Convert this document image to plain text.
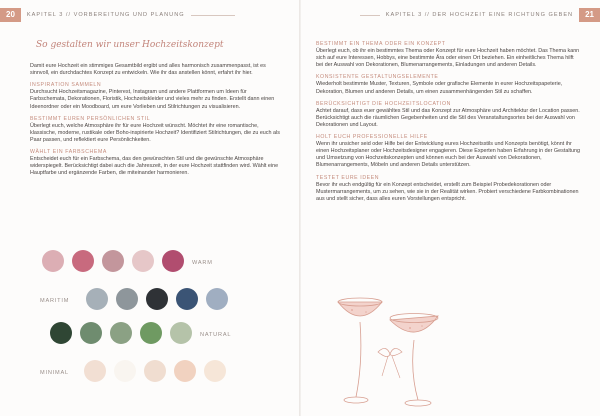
20	KAPITEL 3 // VORBEREITUNG UND PLANUNG
So gestalten wir unser Hochzeitskonzept

Damit eure Hochzeit ein stimmiges Gesamtbild ergibt und alles harmonisch zusammenpasst, ist es sinnvoll, ein durchdachtes Konzept zu entwickeln. Wie ihr das anstellen könnt, erfahrt ihr hier.

INSPIRATION SAMMELN

Durchsucht Hochzeitsmagazine, Pinterest, Instagram und andere Plattformen um Ideen für Farbschemata, Dekorationen, Floristik, Hochzeitskleider und vieles mehr zu finden. Erstellt dann einen Ideenordner oder ein Moodboard, um eure Vorlieben und Stilrichtungen zu visualisieren.

BESTIMMT EUREN PERSÖNLICHEN STIL

Überlegt euch, welche Atmosphäre ihr für eure Hochzeit wünscht. Möchtet ihr eine romantische, klassische, moderne, rustikale oder Boho-inspirierte Hochzeit? Identifiziert Stilrichtungen, die zu euch als Paar passen, und reflektiert eure Persönlichkeiten.

WÄHLT EIN FARBSCHEMA

Entscheidet euch für ein Farbschema, das den gewünschten Stil und die gewünschte Atmosphäre widerspiegelt. Berücksichtigt dabei auch die Jahreszeit, in der eure Hochzeit stattfinden wird. Wählt eine Hauptfarbe und ergänzende Farben, die miteinander harmonieren.

WARM
MARITIM
NATURAL
MINIMAL
KAPITEL 3 // DER HOCHZEIT EINE RICHTUNG GEBEN	21
BESTIMMT EIN THEMA ODER EIN KONZEPT

Überlegt euch, ob ihr ein bestimmtes Thema oder Konzept für eure Hochzeit haben möchtet. Das Thema kann sich auf eure Interessen, Hobbys, eine bestimmte Ära oder einen Ort beziehen. Ein einheitliches Thema hilft bei der Auswahl von Dekorationen, Blumenarrangements, Einladungen und anderen Details.

KONSISTENTE GESTALTUNGSELEMENTE

Wiederholt bestimmte Muster, Texturen, Symbole oder grafische Elemente in eurer Hochzeitspapeterie, Dekoration, Blumen und anderen Details, um einen zusammenhängenden Stil zu schaffen.

BERÜCKSICHTIGT DIE HOCHZEITSLOCATION

Achtet darauf, dass euer gewähltes Stil und das Konzept zur Atmosphäre und Architektur der Location passen. Berücksichtigt auch die räumlichen Gegebenheiten und die Stil des Veranstaltungsortes bei der Auswahl von Dekorationen und Layout.

HOLT EUCH PROFESSIONELLE HILFE

Wenn ihr unsicher seid oder Hilfe bei der Entwicklung eures Hochzeitsstils und Konzepts benötigt, könnt ihr einen Hochzeitsplaner oder Hochzeitsdesigner engagieren. Diese Experten haben Erfahrung in der Gestaltung und Umsetzung von Hochzeitskonzepten und können euch bei der Auswahl von Dekorationen, Blumenarrangements, Möbeln und anderen Details unterstützen.

TESTET EURE IDEEN

Bevor ihr euch endgültig für ein Konzept entscheidet, erstellt zum Beispiel Probedekorationen oder Mustermarrangements, um zu sehen, wie sie in der Realität wirken. Probiert verschiedene Farbkombinationen aus und stellt sicher, dass alles euren Vorstellungen entspricht.
